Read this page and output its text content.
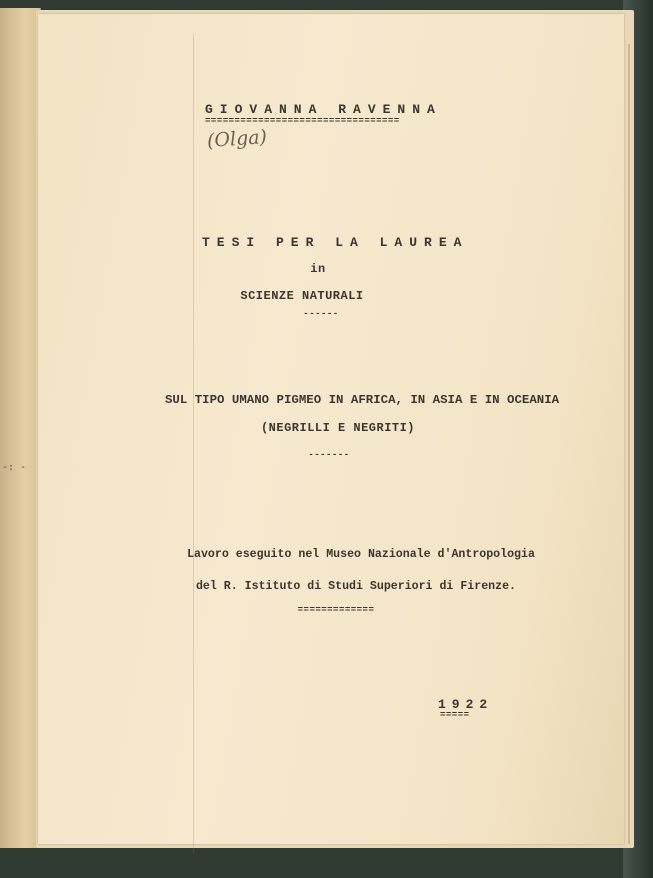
-: -
GIOVANNA RAVENNA
=================================
(Olga)
TESI PER LA LAUREA
in
SCIENZE NATURALI
------
SUL TIPO UMANO PIGMEO IN AFRICA, IN ASIA E IN OCEANIA
(NEGRILLI E NEGRITI)
-------
Lavoro eseguito nel Museo Nazionale d'Antropologia
del R. Istituto di Studi Superiori di Firenze.
=============
1922
=====
